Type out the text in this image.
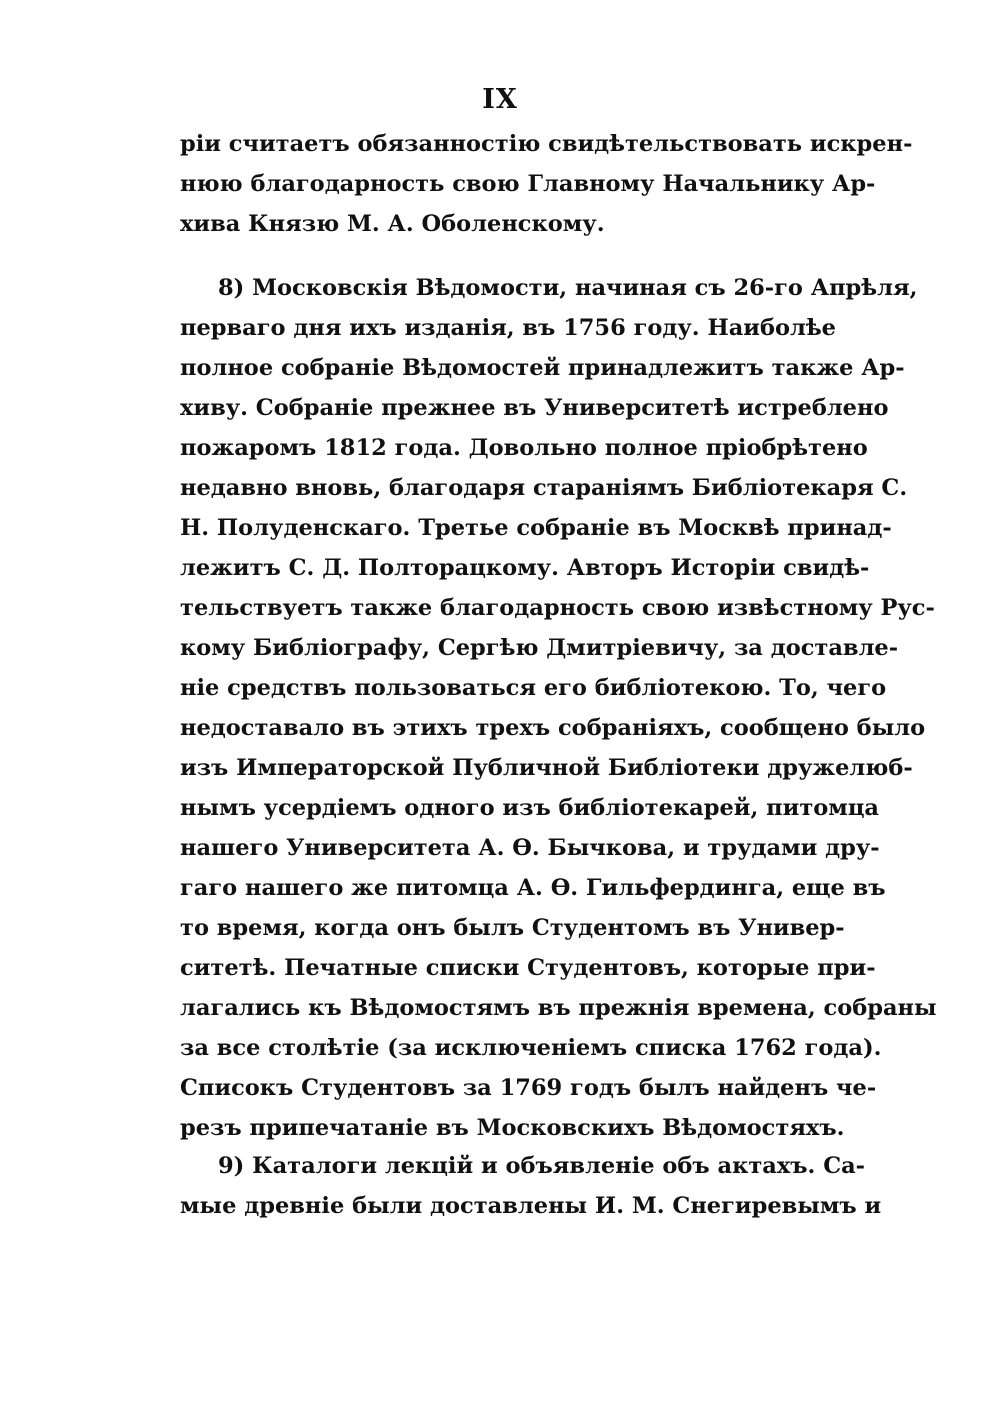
IX
рiи считаетъ обязанностiю свидѣтельствовать искрен-
нюю благодарность свою Главному Начальнику Ар-
хива Князю М. А. Оболенскому.
8) Московскiя Вѣдомости, начиная съ 26-го Апрѣля,
перваго дня ихъ изданiя, въ 1756 году. Наиболѣе
полное собранiе Вѣдомостей принадлежитъ также Ар-
хиву. Собранiе прежнее въ Университетѣ истреблено
пожаромъ 1812 года. Довольно полное прiобрѣтено
недавно вновь, благодаря старанiямъ Библiотекаря С.
Н. Полуденскаго. Третье собранiе въ Москвѣ принад-
лежитъ С. Д. Полторацкому. Авторъ Исторiи свидѣ-
тельствуетъ также благодарность свою извѣстному Рус-
кому Библiографу, Сергѣю Дмитрiевичу, за доставле-
нiе средствъ пользоваться его библiотекою. То, чего
недоставало въ этихъ трехъ собранiяхъ, сообщено было
изъ Императорской Публичной Библiотеки дружелюб-
нымъ усердiемъ одного изъ библiотекарей, питомца
нашего Университета А. Ѳ. Бычкова, и трудами дру-
гаго нашего же питомца А. Ѳ. Гильфердинга, еще въ
то время, когда онъ былъ Студентомъ въ Универ-
ситетѣ. Печатные списки Студентовъ, которые при-
лагались къ Вѣдомостямъ въ прежнiя времена, собраны
за все столѣтiе (за исключенiемъ списка 1762 года).
Списокъ Студентовъ за 1769 годъ былъ найденъ че-
резъ припечатанiе въ Московскихъ Вѣдомостяхъ.
9) Каталоги лекцiй и объявленiе объ актахъ. Са-
мые древнiе были доставлены И. М. Снегиревымъ и
